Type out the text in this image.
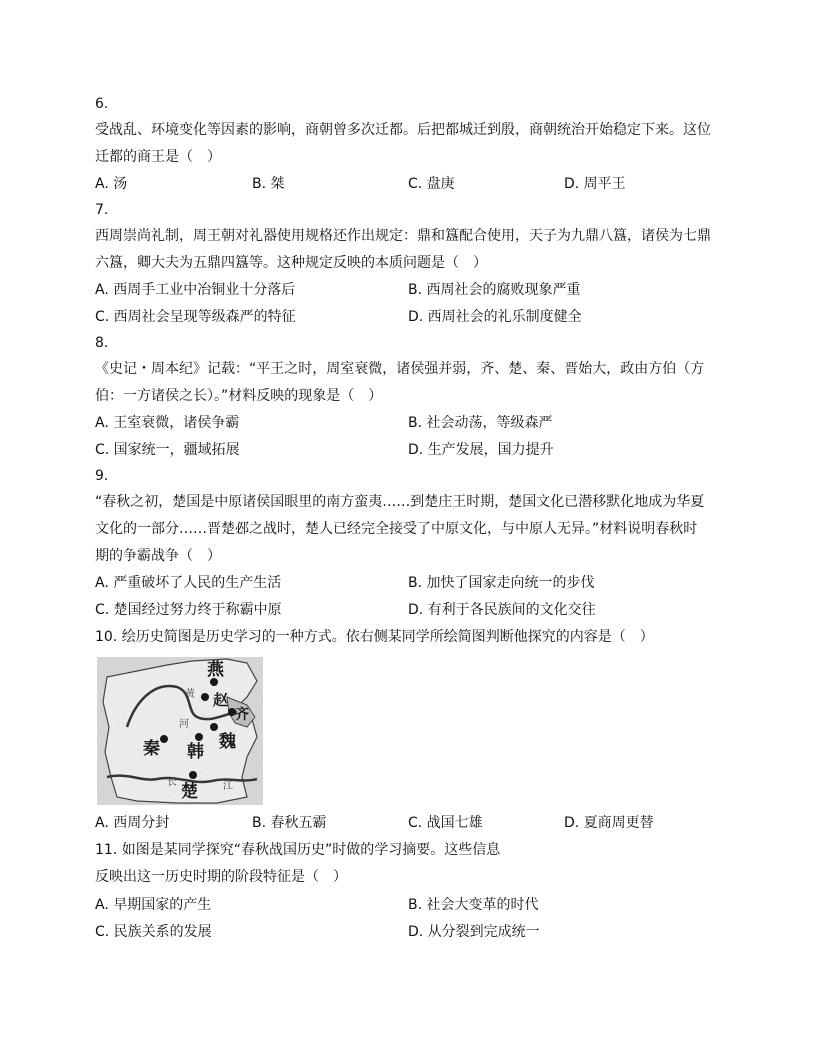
6.
受战乱、环境变化等因素的影响，商朝曾多次迁都。后把都城迁到殷，商朝统治开始稳定下来。这位
迁都的商王是（　）
A. 汤	B. 桀	C. 盘庚	D. 周平王
7.
西周崇尚礼制，周王朝对礼器使用规格还作出规定：鼎和簋配合使用，天子为九鼎八簋，诸侯为七鼎
六簋，卿大夫为五鼎四簋等。这种规定反映的本质问题是（　）
A. 西周手工业中冶铜业十分落后	B. 西周社会的腐败现象严重
C. 西周社会呈现等级森严的特征	D. 西周社会的礼乐制度健全
8.
《史记・周本纪》记载：“平王之时，周室衰微，诸侯强并弱，齐、楚、秦、晋始大，政由方伯（方
伯：一方诸侯之长）。”材料反映的现象是（　）
A. 王室衰微，诸侯争霸	B. 社会动荡，等级森严
C. 国家统一，疆域拓展	D. 生产发展，国力提升
9.
“春秋之初，楚国是中原诸侯国眼里的南方蛮夷……到楚庄王时期，楚国文化已潜移默化地成为华夏
文化的一部分……晋楚邲之战时，楚人已经完全接受了中原文化，与中原人无异。”材料说明春秋时
期的争霸战争（　）
A. 严重破坏了人民的生产生活	B. 加快了国家走向统一的步伐
C. 楚国经过努力终于称霸中原	D. 有利于各民族间的文化交往
10. 绘历史简图是历史学习的一种方式。依右侧某同学所绘简图判断他探究的内容是（　）
A. 西周分封	B. 春秋五霸	C. 战国七雄	D. 夏商周更替
11. 如图是某同学探究“春秋战国历史”时做的学习摘要。这些信息
反映出这一历史时期的阶段特征是（　）
A. 早期国家的产生	B. 社会大变革的时代
C. 民族关系的发展	D. 从分裂到完成统一
